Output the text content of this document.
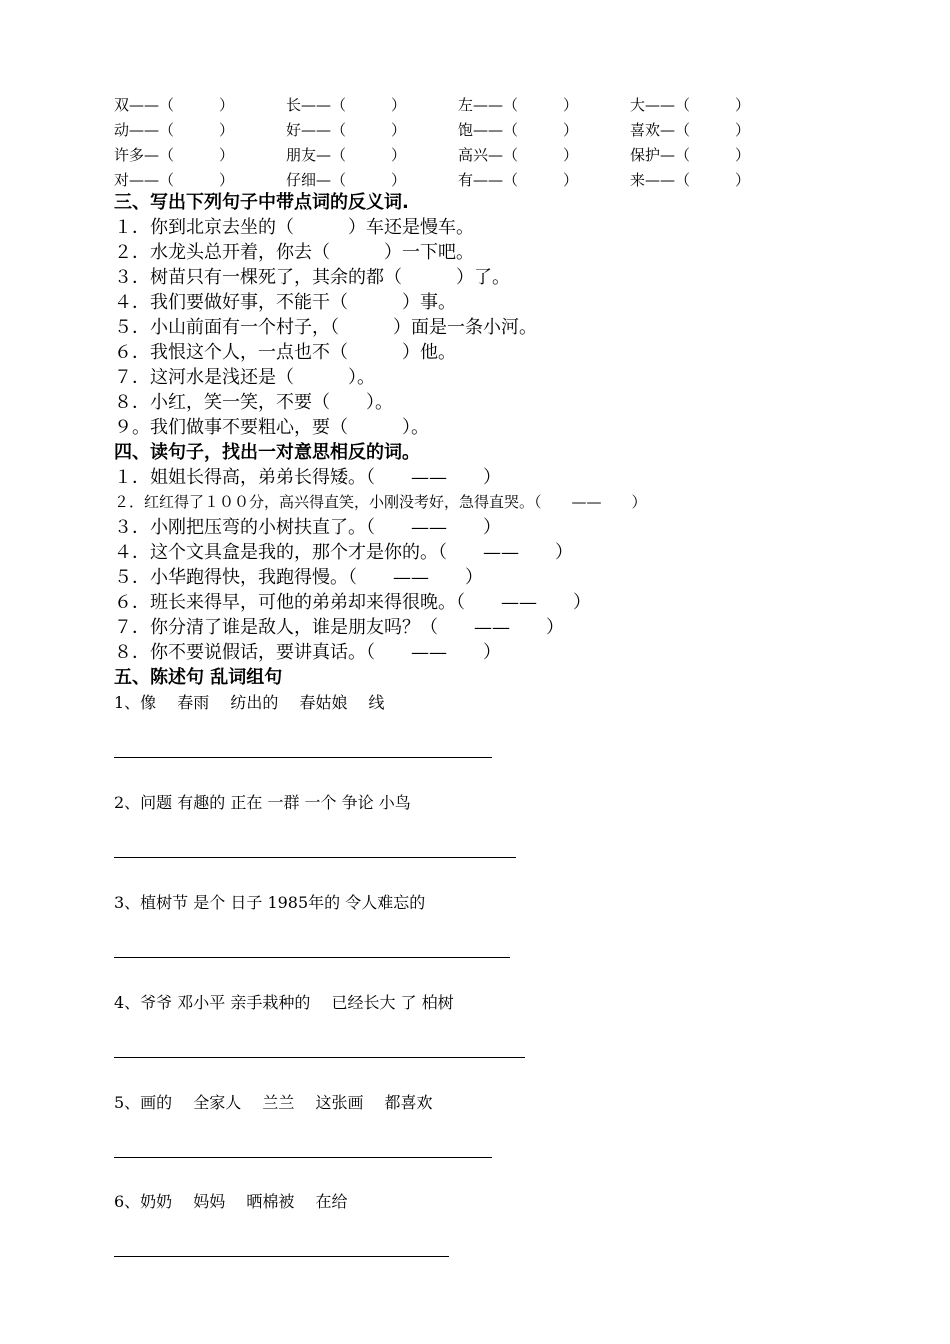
双——（　　　）	长——（　　　）	左——（　　　）	大——（　　　）
动——（　　　）	好——（　　　）	饱——（　　　）	喜欢—（　　　）
许多—（　　　）	朋友—（　　　）	高兴—（　　　）	保护—（　　　）
对——（　　　）	仔细—（　　　）	有——（　　　）	来——（　　　）
三、写出下列句子中带点词的反义词.
１．你到北京去坐的（　　　）车还是慢车。
２．水龙头总开着，你去（　　　）一下吧。
３．树苗只有一棵死了，其余的都（　　　）了。
４．我们要做好事，不能干（　　　）事。
５．小山前面有一个村子，（　　　）面是一条小河。
６．我恨这个人，一点也不（　　　）他。
７．这河水是浅还是（　　　）。
８．小红，笑一笑，不要（　　）。
９。我们做事不要粗心，要（　　　）。
四、读句子，找出一对意思相反的词。
１．姐姐长得高，弟弟长得矮。（　　——　　）
２．红红得了１００分，高兴得直笑，小刚没考好，急得直哭。（　　——　　）
３．小刚把压弯的小树扶直了。（　　——　　）
４．这个文具盒是我的，那个才是你的。（　　——　　）
５．小华跑得快，我跑得慢。（　　——　　）
６．班长来得早，可他的弟弟却来得很晚。（　　——　　）
７．你分清了谁是敌人，谁是朋友吗？（　　——　　）
８．你不要说假话，要讲真话。（　　——　　）
五、陈述句 乱词组句
1、像　 春雨　 纺出的　 春姑娘　 线
2、问题 有趣的 正在 一群 一个 争论 小鸟
3、植树节 是个 日子 1985年的 令人难忘的
4、爷爷 邓小平 亲手栽种的　 已经长大 了 柏树
5、画的　 全家人　 兰兰　 这张画　 都喜欢
6、奶奶　 妈妈　 晒棉被　 在给
